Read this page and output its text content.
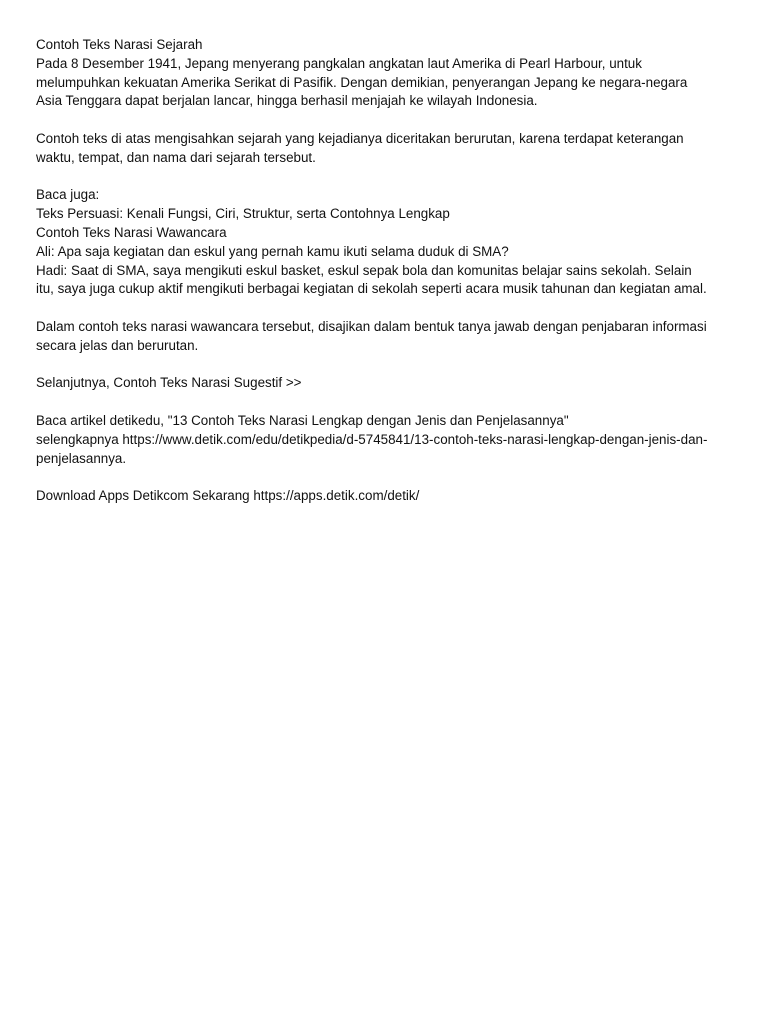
Contoh Teks Narasi Sejarah
Pada 8 Desember 1941, Jepang menyerang pangkalan angkatan laut Amerika di Pearl Harbour, untuk
melumpuhkan kekuatan Amerika Serikat di Pasifik. Dengan demikian, penyerangan Jepang ke negara-negara
Asia Tenggara dapat berjalan lancar, hingga berhasil menjajah ke wilayah Indonesia.
Contoh teks di atas mengisahkan sejarah yang kejadianya diceritakan berurutan, karena terdapat keterangan
waktu, tempat, dan nama dari sejarah tersebut.
Baca juga:
Teks Persuasi: Kenali Fungsi, Ciri, Struktur, serta Contohnya Lengkap
Contoh Teks Narasi Wawancara
Ali: Apa saja kegiatan dan eskul yang pernah kamu ikuti selama duduk di SMA?
Hadi: Saat di SMA, saya mengikuti eskul basket, eskul sepak bola dan komunitas belajar sains sekolah. Selain
itu, saya juga cukup aktif mengikuti berbagai kegiatan di sekolah seperti acara musik tahunan dan kegiatan amal.
Dalam contoh teks narasi wawancara tersebut, disajikan dalam bentuk tanya jawab dengan penjabaran informasi
secara jelas dan berurutan.
Selanjutnya, Contoh Teks Narasi Sugestif >>
Baca artikel detikedu, "13 Contoh Teks Narasi Lengkap dengan Jenis dan Penjelasannya"
selengkapnya https://www.detik.com/edu/detikpedia/d-5745841/13-contoh-teks-narasi-lengkap-dengan-jenis-dan-
penjelasannya.
Download Apps Detikcom Sekarang https://apps.detik.com/detik/
